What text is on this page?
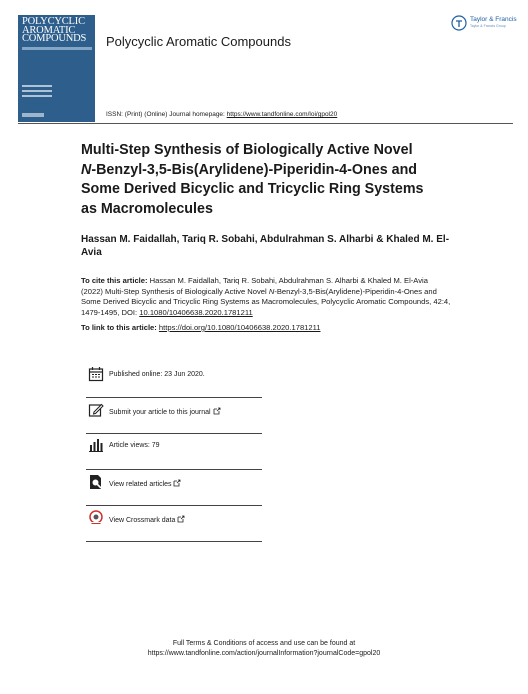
POLYCYCLIC
AROMATIC
COMPOUNDS	Polycyclic Aromatic Compounds
Taylor & Francis
Taylor & Francis Group
ISSN: (Print) (Online) Journal homepage: https://www.tandfonline.com/loi/gpol20
Multi-Step Synthesis of Biologically Active Novel
N-Benzyl-3,5-Bis(Arylidene)-Piperidin-4-Ones and
Some Derived Bicyclic and Tricyclic Ring Systems
as Macromolecules
Hassan M. Faidallah, Tariq R. Sobahi, Abdulrahman S. Alharbi & Khaled M. El-Avia
To cite this article: Hassan M. Faidallah, Tariq R. Sobahi, Abdulrahman S. Alharbi & Khaled M. El-Avia (2022) Multi-Step Synthesis of Biologically Active Novel N-Benzyl-3,5-Bis(Arylidene)-Piperidin-4-Ones and Some Derived Bicyclic and Tricyclic Ring Systems as Macromolecules, Polycyclic Aromatic Compounds, 42:4, 1479-1495, DOI: 10.1080/10406638.2020.1781211
To link to this article: https://doi.org/10.1080/10406638.2020.1781211
Published online: 23 Jun 2020.
Submit your article to this journal
Article views: 79
View related articles
View Crossmark data
Full Terms & Conditions of access and use can be found at
https://www.tandfonline.com/action/journalInformation?journalCode=gpol20
